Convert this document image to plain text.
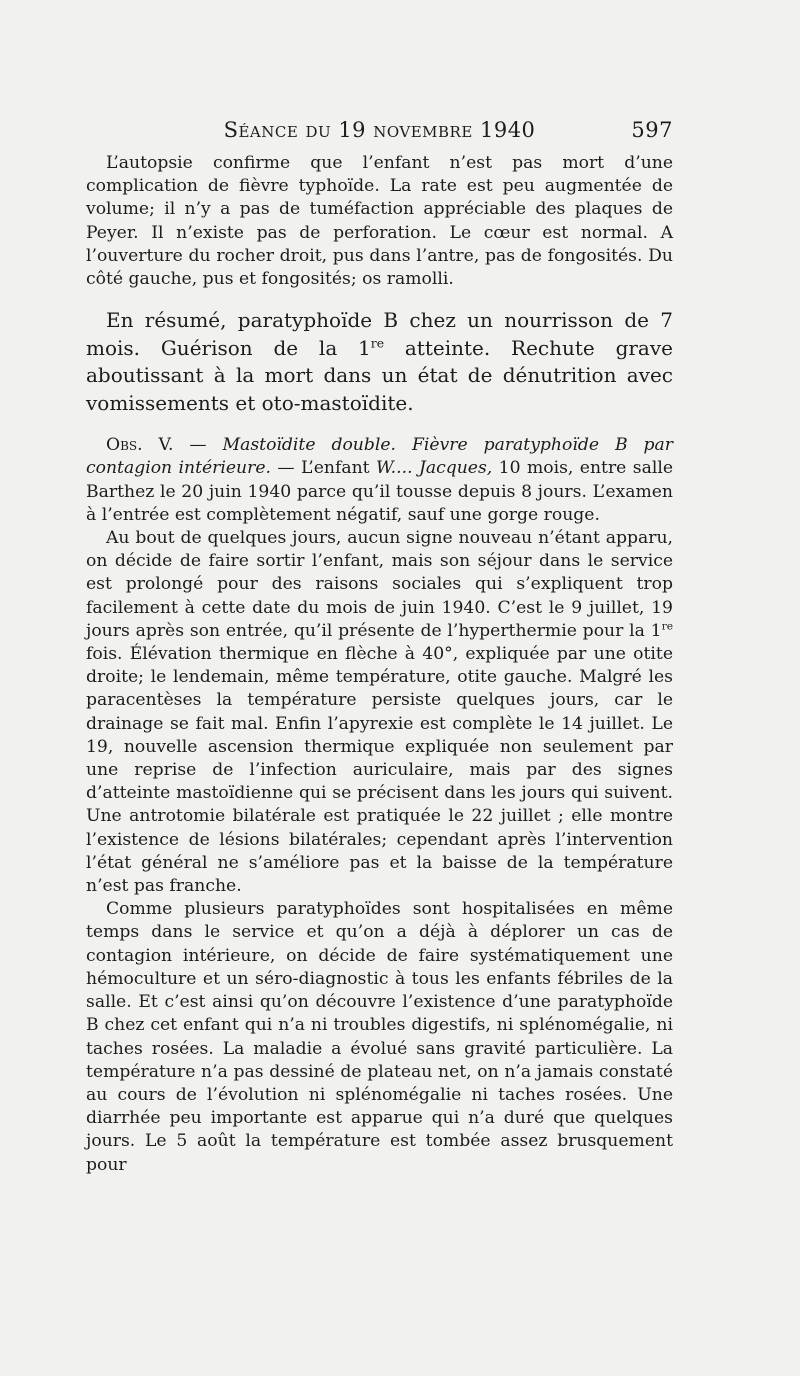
Séance du 19 novembre 1940	597

L’autopsie confirme que l’enfant n’est pas mort d’une complication de fièvre typhoïde. La rate est peu augmentée de volume; il n’y a pas de tuméfaction appréciable des plaques de Peyer. Il n’existe pas de perforation. Le cœur est normal. A l’ouverture du rocher droit, pus dans l’antre, pas de fongosités. Du côté gauche, pus et fongosités; os ramolli.

En résumé, paratyphoïde B chez un nourrisson de 7 mois. Guérison de la 1re atteinte. Rechute grave aboutissant à la mort dans un état de dénutrition avec vomissements et oto-mastoïdite.

Obs. V. — Mastoïdite double. Fièvre paratyphoïde B par contagion intérieure. — L’enfant W.... Jacques, 10 mois, entre salle Barthez le 20 juin 1940 parce qu’il tousse depuis 8 jours. L’examen à l’entrée est complètement négatif, sauf une gorge rouge.

Au bout de quelques jours, aucun signe nouveau n’étant apparu, on décide de faire sortir l’enfant, mais son séjour dans le service est prolongé pour des raisons sociales qui s’expliquent trop facilement à cette date du mois de juin 1940. C’est le 9 juillet, 19 jours après son entrée, qu’il présente de l’hyperthermie pour la 1re fois. Élévation thermique en flèche à 40°, expliquée par une otite droite; le lendemain, même température, otite gauche. Malgré les paracentèses la température persiste quelques jours, car le drainage se fait mal. Enfin l’apyrexie est complète le 14 juillet. Le 19, nouvelle ascension thermique expliquée non seulement par une reprise de l’infection auriculaire, mais par des signes d’atteinte mastoïdienne qui se précisent dans les jours qui suivent. Une antrotomie bilatérale est pratiquée le 22 juillet ; elle montre l’existence de lésions bilatérales; cependant après l’intervention l’état général ne s’améliore pas et la baisse de la température n’est pas franche.

Comme plusieurs paratyphoïdes sont hospitalisées en même temps dans le service et qu’on a déjà à déplorer un cas de contagion intérieure, on décide de faire systématiquement une hémoculture et un séro-diagnostic à tous les enfants fébriles de la salle. Et c’est ainsi qu’on découvre l’existence d’une paratyphoïde B chez cet enfant qui n’a ni troubles digestifs, ni splénomégalie, ni taches rosées. La maladie a évolué sans gravité particulière. La température n’a pas dessiné de plateau net, on n’a jamais constaté au cours de l’évolution ni splénomégalie ni taches rosées. Une diarrhée peu importante est apparue qui n’a duré que quelques jours. Le 5 août la température est tombée assez brusquement pour
